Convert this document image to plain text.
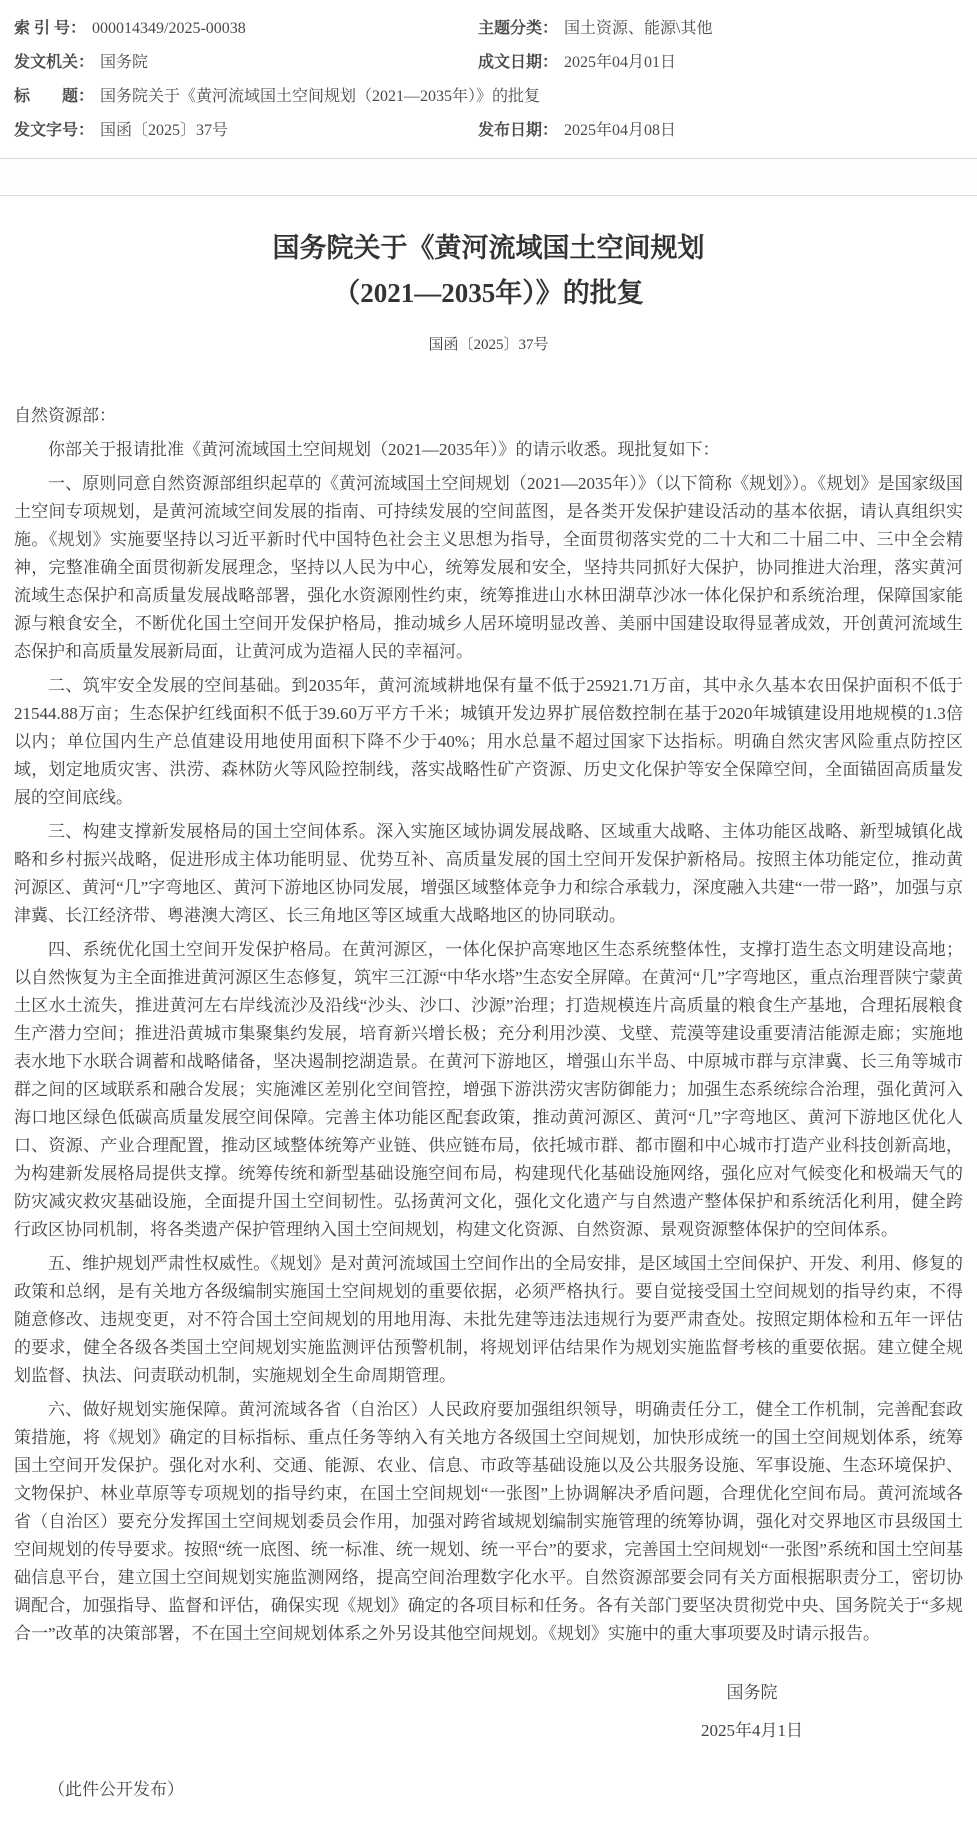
索 引 号： 000014349/2025-00038	主题分类： 国土资源、能源\其他
发文机关： 国务院	成文日期： 2025年04月01日
标　　题： 国务院关于《黄河流域国土空间规划（2021—2035年）》的批复
发文字号： 国函〔2025〕37号	发布日期： 2025年04月08日
国务院关于《黄河流域国土空间规划
（2021—2035年）》的批复
国函〔2025〕37号

自然资源部：

你部关于报请批准《黄河流域国土空间规划（2021—2035年）》的请示收悉。现批复如下：

一、原则同意自然资源部组织起草的《黄河流域国土空间规划（2021—2035年）》（以下简称《规划》）。《规划》是国家级国土空间专项规划，是黄河流域空间发展的指南、可持续发展的空间蓝图，是各类开发保护建设活动的基本依据，请认真组织实施。《规划》实施要坚持以习近平新时代中国特色社会主义思想为指导，全面贯彻落实党的二十大和二十届二中、三中全会精神，完整准确全面贯彻新发展理念，坚持以人民为中心，统筹发展和安全，坚持共同抓好大保护，协同推进大治理，落实黄河流域生态保护和高质量发展战略部署，强化水资源刚性约束，统筹推进山水林田湖草沙冰一体化保护和系统治理，保障国家能源与粮食安全，不断优化国土空间开发保护格局，推动城乡人居环境明显改善、美丽中国建设取得显著成效，开创黄河流域生态保护和高质量发展新局面，让黄河成为造福人民的幸福河。

二、筑牢安全发展的空间基础。到2035年，黄河流域耕地保有量不低于25921.71万亩，其中永久基本农田保护面积不低于21544.88万亩；生态保护红线面积不低于39.60万平方千米；城镇开发边界扩展倍数控制在基于2020年城镇建设用地规模的1.3倍以内；单位国内生产总值建设用地使用面积下降不少于40%；用水总量不超过国家下达指标。明确自然灾害风险重点防控区域，划定地质灾害、洪涝、森林防火等风险控制线，落实战略性矿产资源、历史文化保护等安全保障空间，全面锚固高质量发展的空间底线。

三、构建支撑新发展格局的国土空间体系。深入实施区域协调发展战略、区域重大战略、主体功能区战略、新型城镇化战略和乡村振兴战略，促进形成主体功能明显、优势互补、高质量发展的国土空间开发保护新格局。按照主体功能定位，推动黄河源区、黄河“几”字弯地区、黄河下游地区协同发展，增强区域整体竞争力和综合承载力，深度融入共建“一带一路”，加强与京津冀、长江经济带、粤港澳大湾区、长三角地区等区域重大战略地区的协同联动。

四、系统优化国土空间开发保护格局。在黄河源区，一体化保护高寒地区生态系统整体性，支撑打造生态文明建设高地；以自然恢复为主全面推进黄河源区生态修复，筑牢三江源“中华水塔”生态安全屏障。在黄河“几”字弯地区，重点治理晋陕宁蒙黄土区水土流失，推进黄河左右岸线流沙及沿线“沙头、沙口、沙源”治理；打造规模连片高质量的粮食生产基地，合理拓展粮食生产潜力空间；推进沿黄城市集聚集约发展，培育新兴增长极；充分利用沙漠、戈壁、荒漠等建设重要清洁能源走廊；实施地表水地下水联合调蓄和战略储备，坚决遏制挖湖造景。在黄河下游地区，增强山东半岛、中原城市群与京津冀、长三角等城市群之间的区域联系和融合发展；实施滩区差别化空间管控，增强下游洪涝灾害防御能力；加强生态系统综合治理，强化黄河入海口地区绿色低碳高质量发展空间保障。完善主体功能区配套政策，推动黄河源区、黄河“几”字弯地区、黄河下游地区优化人口、资源、产业合理配置，推动区域整体统筹产业链、供应链布局，依托城市群、都市圈和中心城市打造产业科技创新高地，为构建新发展格局提供支撑。统筹传统和新型基础设施空间布局，构建现代化基础设施网络，强化应对气候变化和极端天气的防灾减灾救灾基础设施，全面提升国土空间韧性。弘扬黄河文化，强化文化遗产与自然遗产整体保护和系统活化利用，健全跨行政区协同机制，将各类遗产保护管理纳入国土空间规划，构建文化资源、自然资源、景观资源整体保护的空间体系。

五、维护规划严肃性权威性。《规划》是对黄河流域国土空间作出的全局安排，是区域国土空间保护、开发、利用、修复的政策和总纲，是有关地方各级编制实施国土空间规划的重要依据，必须严格执行。要自觉接受国土空间规划的指导约束，不得随意修改、违规变更，对不符合国土空间规划的用地用海、未批先建等违法违规行为要严肃查处。按照定期体检和五年一评估的要求，健全各级各类国土空间规划实施监测评估预警机制，将规划评估结果作为规划实施监督考核的重要依据。建立健全规划监督、执法、问责联动机制，实施规划全生命周期管理。

六、做好规划实施保障。黄河流域各省（自治区）人民政府要加强组织领导，明确责任分工，健全工作机制，完善配套政策措施，将《规划》确定的目标指标、重点任务等纳入有关地方各级国土空间规划，加快形成统一的国土空间规划体系，统筹国土空间开发保护。强化对水利、交通、能源、农业、信息、市政等基础设施以及公共服务设施、军事设施、生态环境保护、文物保护、林业草原等专项规划的指导约束，在国土空间规划“一张图”上协调解决矛盾问题，合理优化空间布局。黄河流域各省（自治区）要充分发挥国土空间规划委员会作用，加强对跨省域规划编制实施管理的统筹协调，强化对交界地区市县级国土空间规划的传导要求。按照“统一底图、统一标准、统一规划、统一平台”的要求，完善国土空间规划“一张图”系统和国土空间基础信息平台，建立国土空间规划实施监测网络，提高空间治理数字化水平。自然资源部要会同有关方面根据职责分工，密切协调配合，加强指导、监督和评估，确保实现《规划》确定的各项目标和任务。各有关部门要坚决贯彻党中央、国务院关于“多规合一”改革的决策部署，不在国土空间规划体系之外另设其他空间规划。《规划》实施中的重大事项要及时请示报告。

国务院
2025年4月1日
（此件公开发布）
